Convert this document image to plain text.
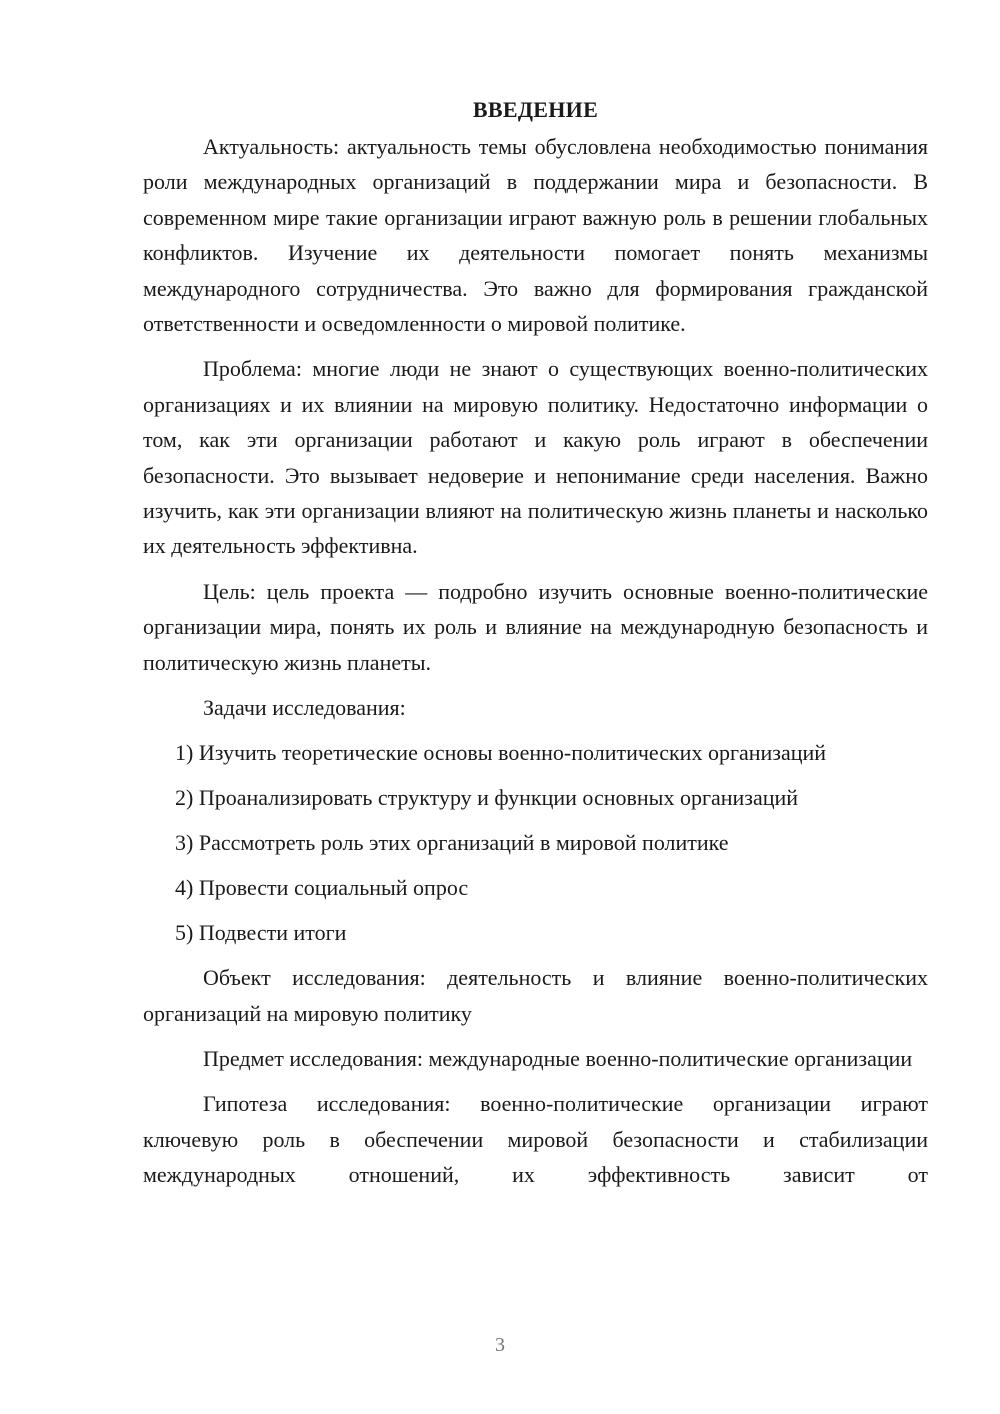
ВВЕДЕНИЕ

Актуальность: актуальность темы обусловлена необходимостью понимания роли международных организаций в поддержании мира и безопасности. В современном мире такие организации играют важную роль в решении глобальных конфликтов. Изучение их деятельности помогает понять механизмы международного сотрудничества. Это важно для формирования гражданской ответственности и осведомленности о мировой политике.

Проблема: многие люди не знают о существующих военно-политических организациях и их влиянии на мировую политику. Недостаточно информации о том, как эти организации работают и какую роль играют в обеспечении безопасности. Это вызывает недоверие и непонимание среди населения. Важно изучить, как эти организации влияют на политическую жизнь планеты и насколько их деятельность эффективна.

Цель: цель проекта — подробно изучить основные военно-политические организации мира, понять их роль и влияние на международную безопасность и политическую жизнь планеты.

Задачи исследования:
1) Изучить теоретические основы военно-политических организаций
2) Проанализировать структуру и функции основных организаций
3) Рассмотреть роль этих организаций в мировой политике
4) Провести социальный опрос
5) Подвести итоги

Объект исследования: деятельность и влияние военно-политических организаций на мировую политику

Предмет исследования: международные военно-политические организации

Гипотеза исследования: военно-политические организации играют ключевую роль в обеспечении мировой безопасности и стабилизации международных отношений, их эффективность зависит от

3
